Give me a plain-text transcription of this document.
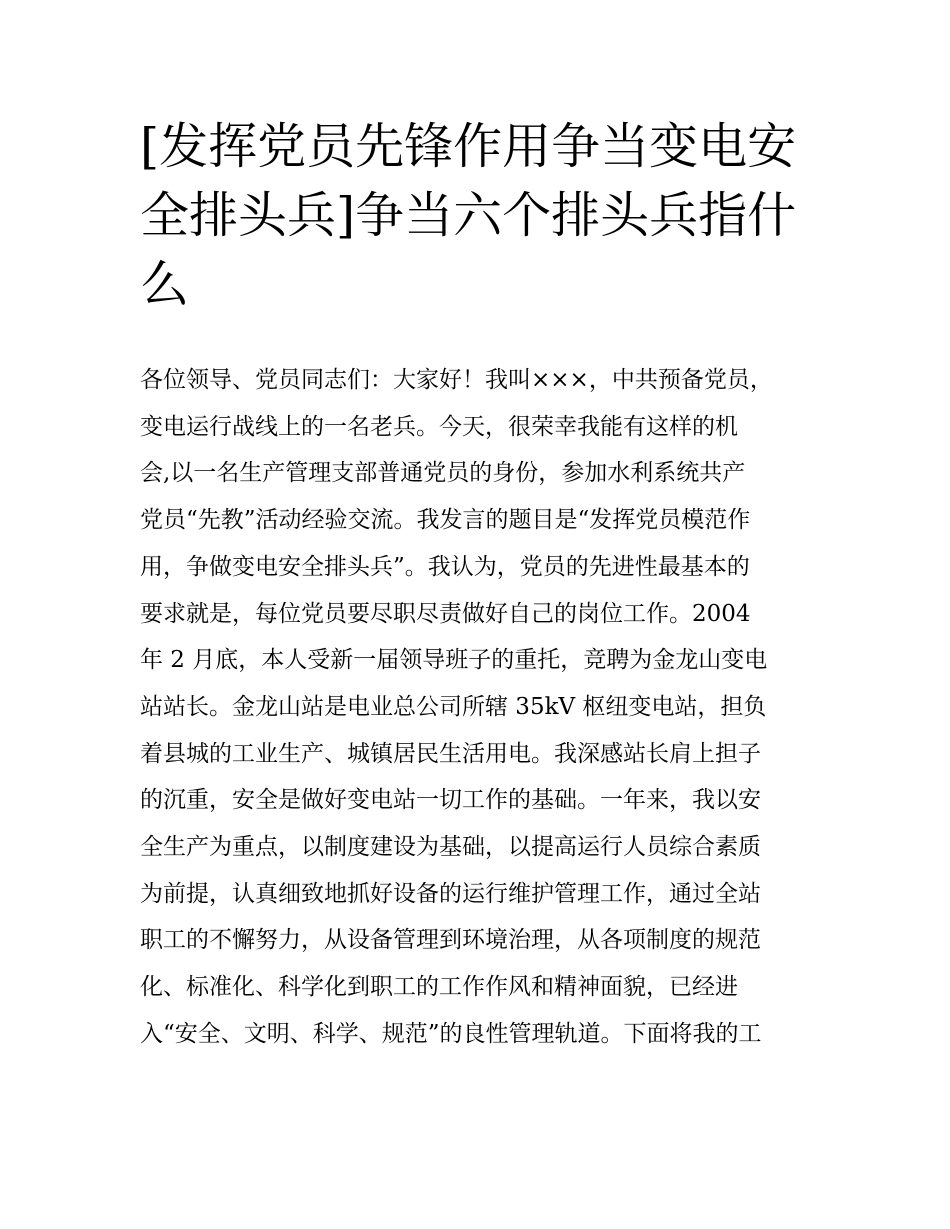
[发挥党员先锋作用争当变电安
全排头兵]争当六个排头兵指什
么
各位领导、党员同志们：大家好！我叫×××，中共预备党员，
变电运行战线上的一名老兵。今天，很荣幸我能有这样的机
会,以一名生产管理支部普通党员的身份，参加水利系统共产
党员“先教”活动经验交流。我发言的题目是“发挥党员模范作
用，争做变电安全排头兵”。我认为，党员的先进性最基本的
要求就是，每位党员要尽职尽责做好自己的岗位工作。2004
年 2 月底，本人受新一届领导班子的重托，竞聘为金龙山变电
站站长。金龙山站是电业总公司所辖 35kV 枢纽变电站，担负
着县城的工业生产、城镇居民生活用电。我深感站长肩上担子
的沉重，安全是做好变电站一切工作的基础。一年来，我以安
全生产为重点，以制度建设为基础，以提高运行人员综合素质
为前提，认真细致地抓好设备的运行维护管理工作，通过全站
职工的不懈努力，从设备管理到环境治理，从各项制度的规范
化、标准化、科学化到职工的工作作风和精神面貌，已经进
入“安全、文明、科学、规范”的良性管理轨道。下面将我的工
